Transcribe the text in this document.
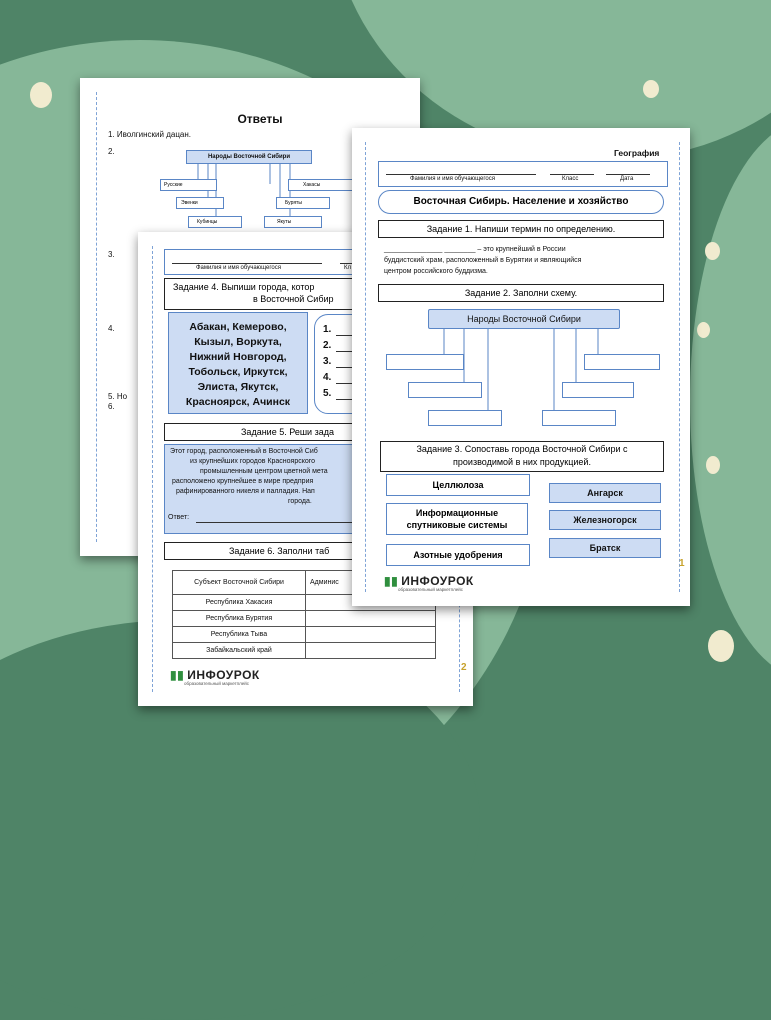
Ответы
1. Иволгинский дацан.
2.
Народы Восточной Сибири
Русские	Хакасы
Эвенки	Буряты
Кубинцы	Якуты
3.
4.
5. Но
6.
Фамилия и имя обучающегося	Кл
Задание 4. Выпиши города, котор
в Восточной Сибир
Абакан, Кемерово,
Кызыл, Воркута,
Нижний Новгород,
Тобольск, Иркутск,
Элиста, Якутск,
Красноярск, Ачинск
1.
2.
3.
4.
5.
Задание 5. Реши зада
Этот город, расположенный в Восточной Сиб
из крупнейших городов Красноярского
промышленным центром цветной мета
расположено крупнейшее в мире предприя
рафинированного никеля и палладия. Нап
города.
Ответ:
Задание 6. Заполни таб
Субъект Восточной Сибири	Админис
Республика Хакасия	
Республика Бурятия	
Республика Тыва	
Забайкальский край	
▮▮ ИНФОУРОК
образовательный маркетплейс
2
География
Фамилия и имя обучающегося	Класс	Дата
Восточная Сибирь. Население и хозяйство
Задание 1. Напиши термин по определению.
_______________ ________ – это крупнейший в России
буддистский храм, расположенный в Бурятии и являющийся
центром российского буддизма.
Задание 2. Заполни схему.
Народы Восточной Сибири
Задание 3. Сопоставь города Восточной Сибири с
производимой в них продукцией.
Целлюлоза
Информационные
спутниковые системы
Азотные удобрения
Ангарск
Железногорск
Братск
▮▮ ИНФОУРОК
образовательный маркетплейс
1
